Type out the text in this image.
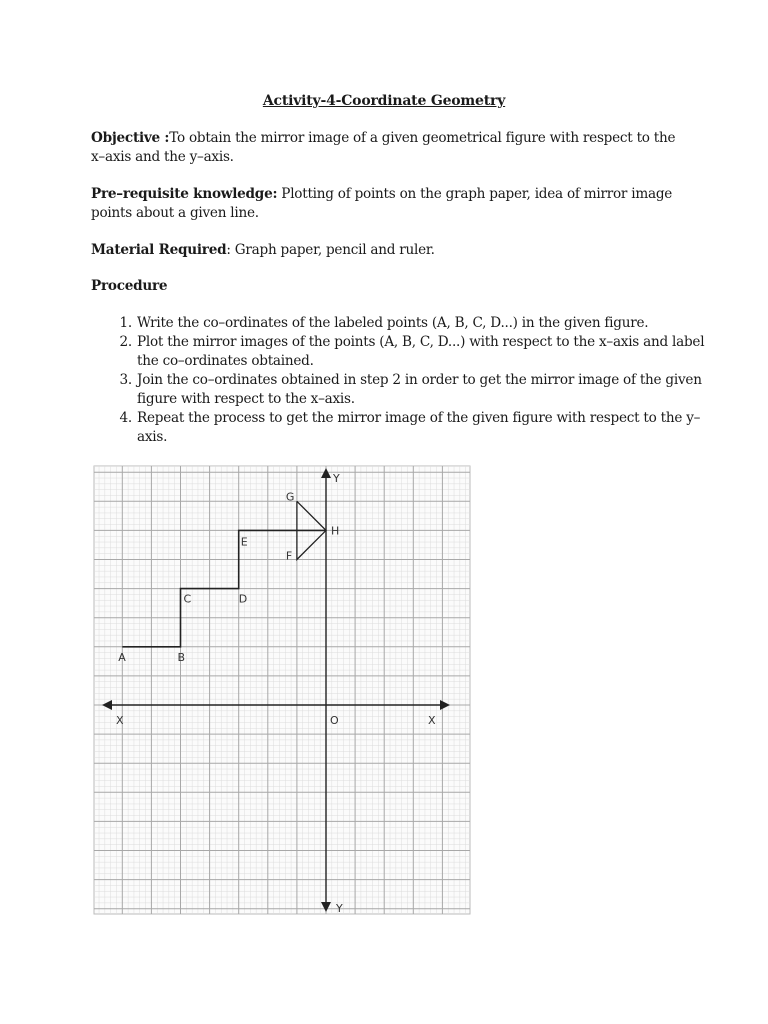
Activity-4-Coordinate Geometry
Objective :To obtain the mirror image of a given geometrical figure with respect to the x–axis and the y–axis.
Pre–requisite knowledge: Plotting of points on the graph paper, idea of mirror image points about a given line.
Material Required: Graph paper, pencil and ruler.
Procedure
1. Write the co–ordinates of the labeled points (A, B, C, D...) in the given figure.
2. Plot the mirror images of the points (A, B, C, D...) with respect to the x–axis and label the co–ordinates obtained.
3. Join the co–ordinates obtained in step 2 in order to get the mirror image of the given figure with respect to the x–axis.
4. Repeat the process to get the mirror image of the given figure with respect to the y–axis.
X	X
Y
Y
O
A	B
C	D
E
F
G
H
